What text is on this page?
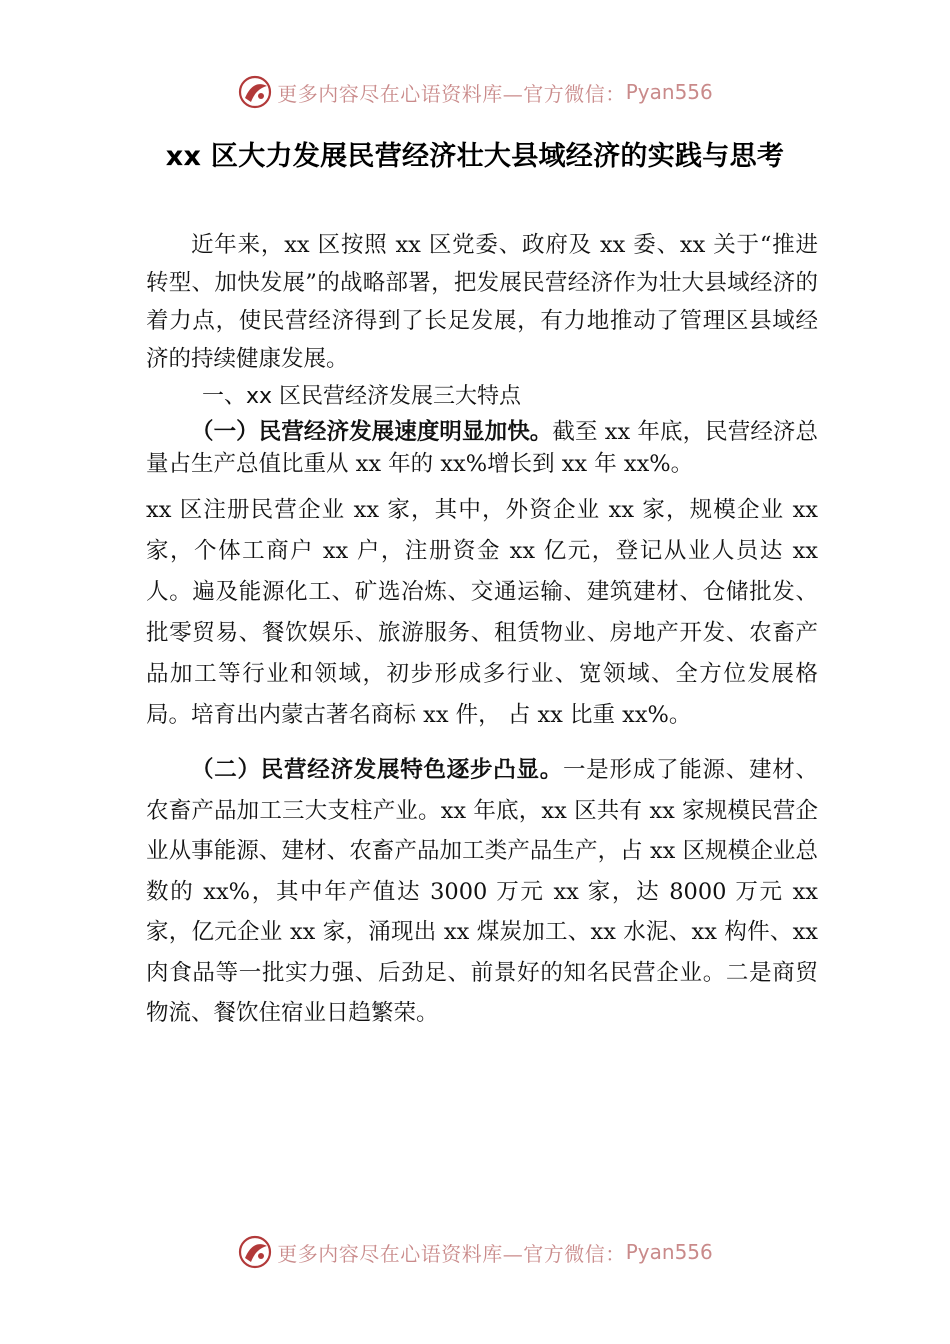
更多内容尽在心语资料库—官方微信： Pyan556
xx 区大力发展民营经济壮大县域经济的实践与思考

近年来，xx 区按照 xx 区党委、政府及 xx 委、xx 关于“推进转型、加快发展”的战略部署，把发展民营经济作为壮大县域经济的着力点，使民营经济得到了长足发展，有力地推动了管理区县域经济的持续健康发展。

一、xx 区民营经济发展三大特点

（一）民营经济发展速度明显加快。截至 xx 年底，民营经济总量占生产总值比重从 xx 年的 xx%增长到 xx 年 xx%。

xx 区注册民营企业 xx 家，其中，外资企业 xx 家，规模企业 xx 家，个体工商户 xx 户，注册资金 xx 亿元，登记从业人员达 xx 人。遍及能源化工、矿选冶炼、交通运输、建筑建材、仓储批发、批零贸易、餐饮娱乐、旅游服务、租赁物业、房地产开发、农畜产品加工等行业和领域，初步形成多行业、宽领域、全方位发展格局。培育出内蒙古著名商标 xx 件， 占 xx 比重 xx%。

（二）民营经济发展特色逐步凸显。一是形成了能源、建材、农畜产品加工三大支柱产业。xx 年底，xx 区共有 xx 家规模民营企业从事能源、建材、农畜产品加工类产品生产，占 xx 区规模企业总数的 xx%，其中年产值达 3000 万元 xx 家，达 8000 万元 xx 家，亿元企业 xx 家，涌现出 xx 煤炭加工、xx 水泥、xx 构件、xx 肉食品等一批实力强、后劲足、前景好的知名民营企业。二是商贸物流、餐饮住宿业日趋繁荣。

更多内容尽在心语资料库—官方微信： Pyan556
